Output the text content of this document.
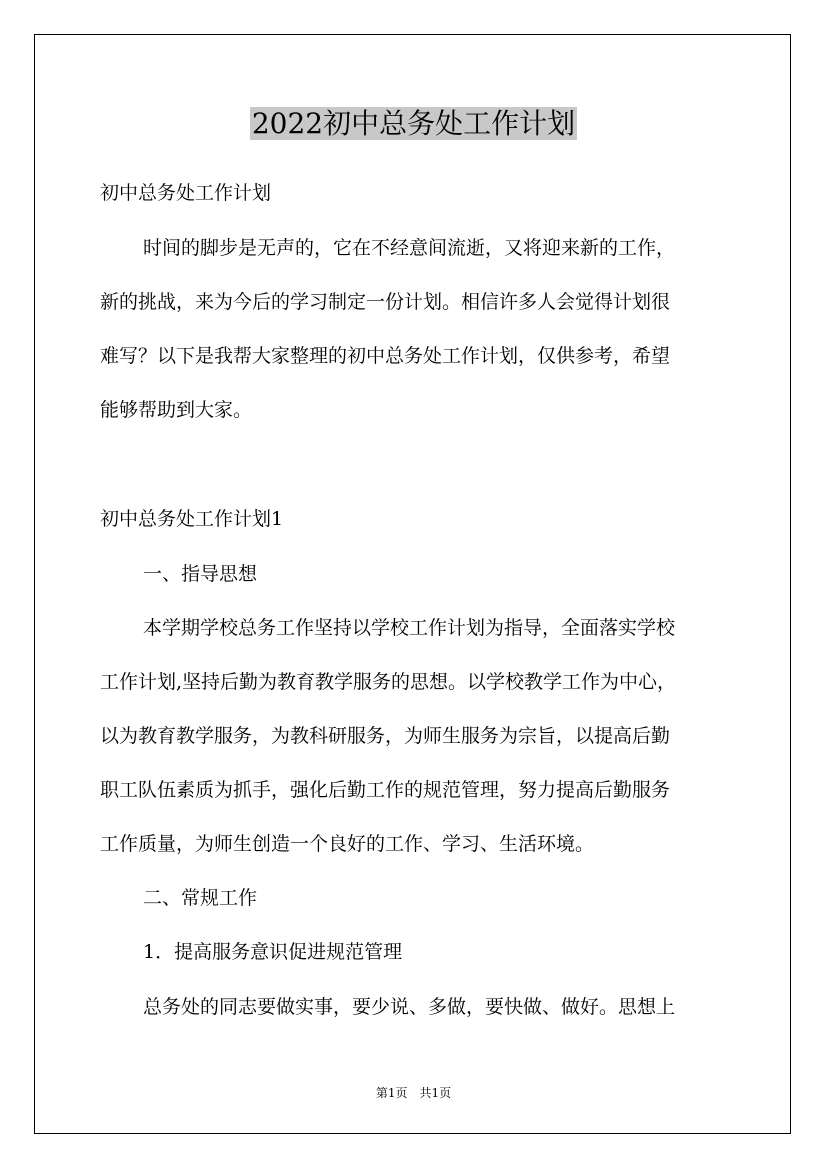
2022初中总务处工作计划
初中总务处工作计划
时间的脚步是无声的，它在不经意间流逝，又将迎来新的工作，
新的挑战，来为今后的学习制定一份计划。相信许多人会觉得计划很
难写？以下是我帮大家整理的初中总务处工作计划，仅供参考，希望
能够帮助到大家。
初中总务处工作计划1
一、指导思想
本学期学校总务工作坚持以学校工作计划为指导，全面落实学校
工作计划,坚持后勤为教育教学服务的思想。以学校教学工作为中心，
以为教育教学服务，为教科研服务，为师生服务为宗旨，以提高后勤
职工队伍素质为抓手，强化后勤工作的规范管理，努力提高后勤服务
工作质量，为师生创造一个良好的工作、学习、生活环境。
二、常规工作
1．提高服务意识促进规范管理
总务处的同志要做实事，要少说、多做，要快做、做好。思想上
第1页　共1页
